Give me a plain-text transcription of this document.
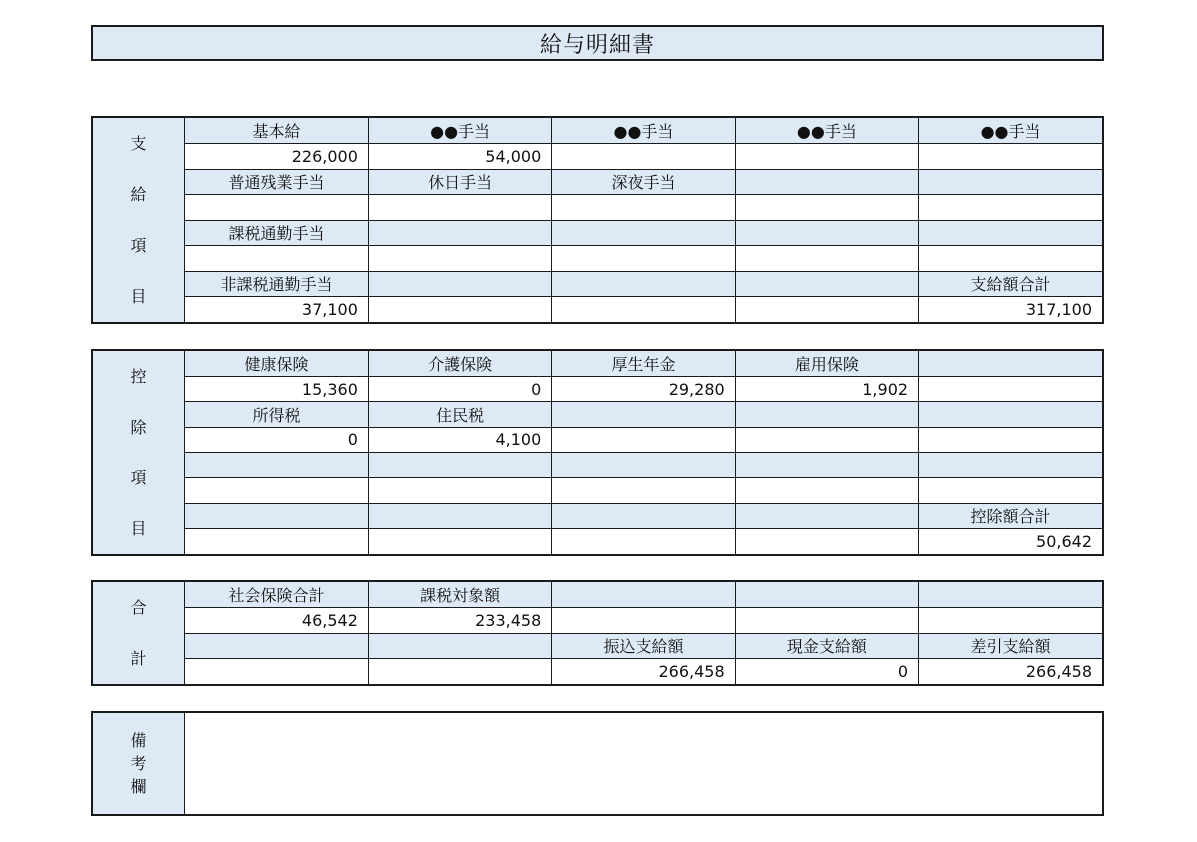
給与明細書
支
給
項
目
基本給	●●手当	●●手当	●●手当	●●手当
226,000	54,000			
普通残業手当	休日手当	深夜手当		

課税通勤手当				

非課税通勤手当				支給額合計
37,100				317,100
控
除
項
目
健康保険	介護保険	厚生年金	雇用保険	
15,360	0	29,280	1,902	
所得税	住民税			
0	4,100			

				控除額合計
				50,642
合
計
社会保険合計	課税対象額			
46,542	233,458			
		振込支給額	現金支給額	差引支給額
		266,458	0	266,458
備
考
欄
